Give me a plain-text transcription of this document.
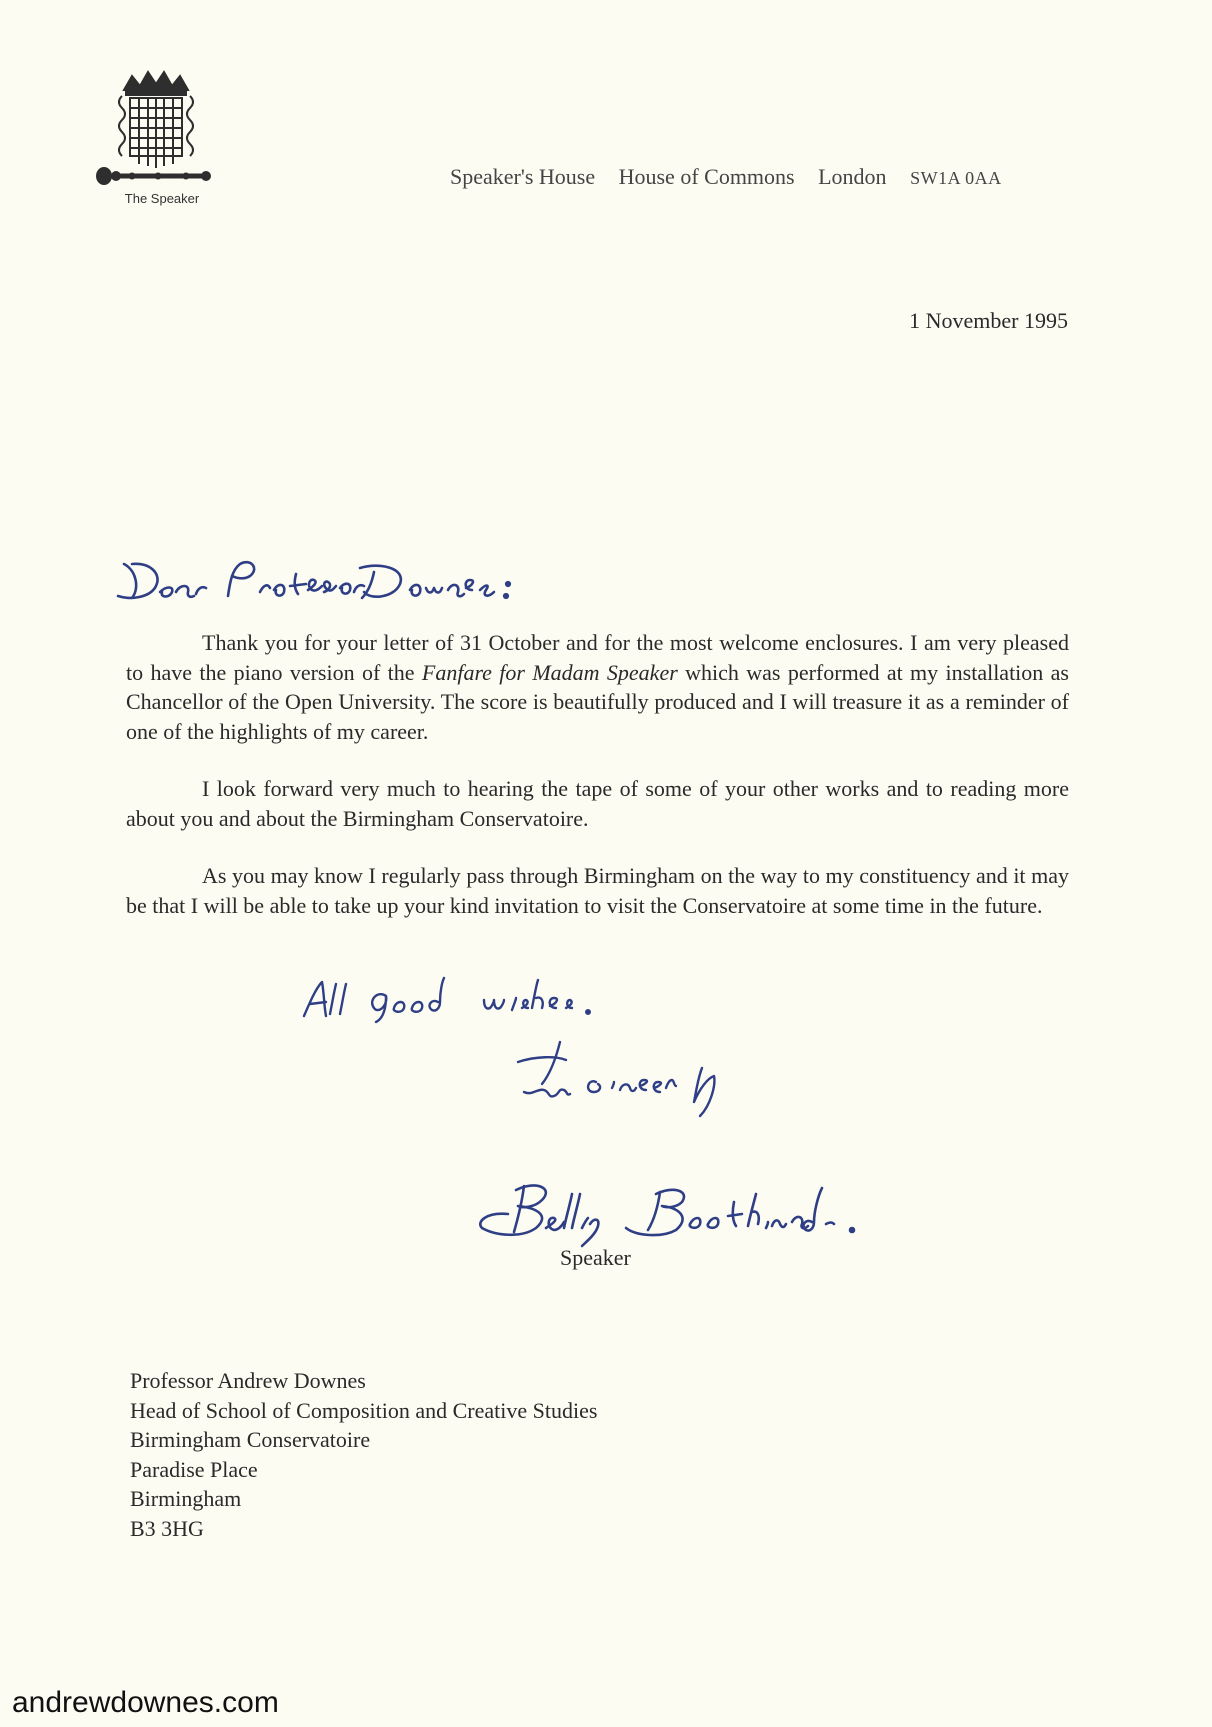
The Speaker
Speaker's House House of Commons London SW1A 0AA
1 November 1995

Thank you for your letter of 31 October and for the most welcome enclosures. I am very pleased to have the piano version of the Fanfare for Madam Speaker which was performed at my installation as Chancellor of the Open University. The score is beautifully produced and I will treasure it as a reminder of one of the highlights of my career.

I look forward very much to hearing the tape of some of your other works and to reading more about you and about the Birmingham Conservatoire.

As you may know I regularly pass through Birmingham on the way to my constituency and it may be that I will be able to take up your kind invitation to visit the Conservatoire at some time in the future.

Speaker
Professor Andrew Downes
Head of School of Composition and Creative Studies
Birmingham Conservatoire
Paradise Place
Birmingham
B3 3HG
andrewdownes.com
